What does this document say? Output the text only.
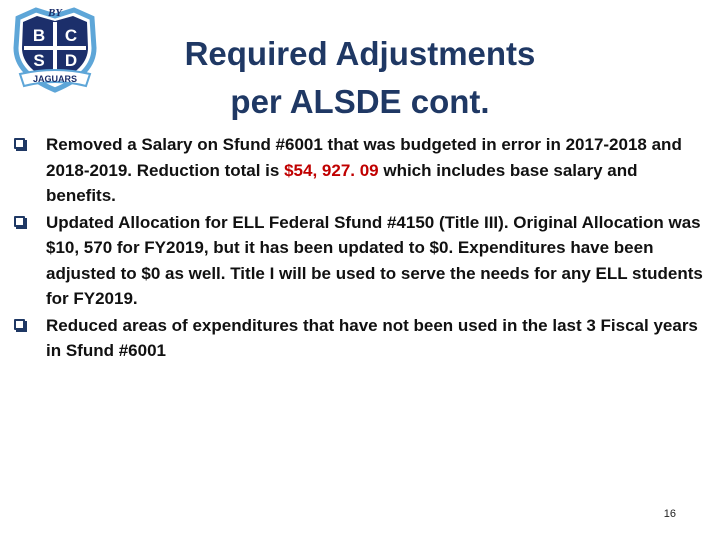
BY
B C
S D
JAGUARS
Required Adjustments
per ALSDE cont.
Removed a Salary on Sfund #6001 that was budgeted in error in 2017-2018 and 2018-2019. Reduction total is $54, 927. 09 which includes base salary and benefits.
Updated Allocation for ELL Federal Sfund #4150 (Title III). Original Allocation was $10, 570 for FY2019, but it has been updated to $0. Expenditures have been adjusted to $0 as well. Title I will be used to serve the needs for any ELL students for FY2019.
Reduced areas of expenditures that have not been used in the last 3 Fiscal years in Sfund #6001
16
